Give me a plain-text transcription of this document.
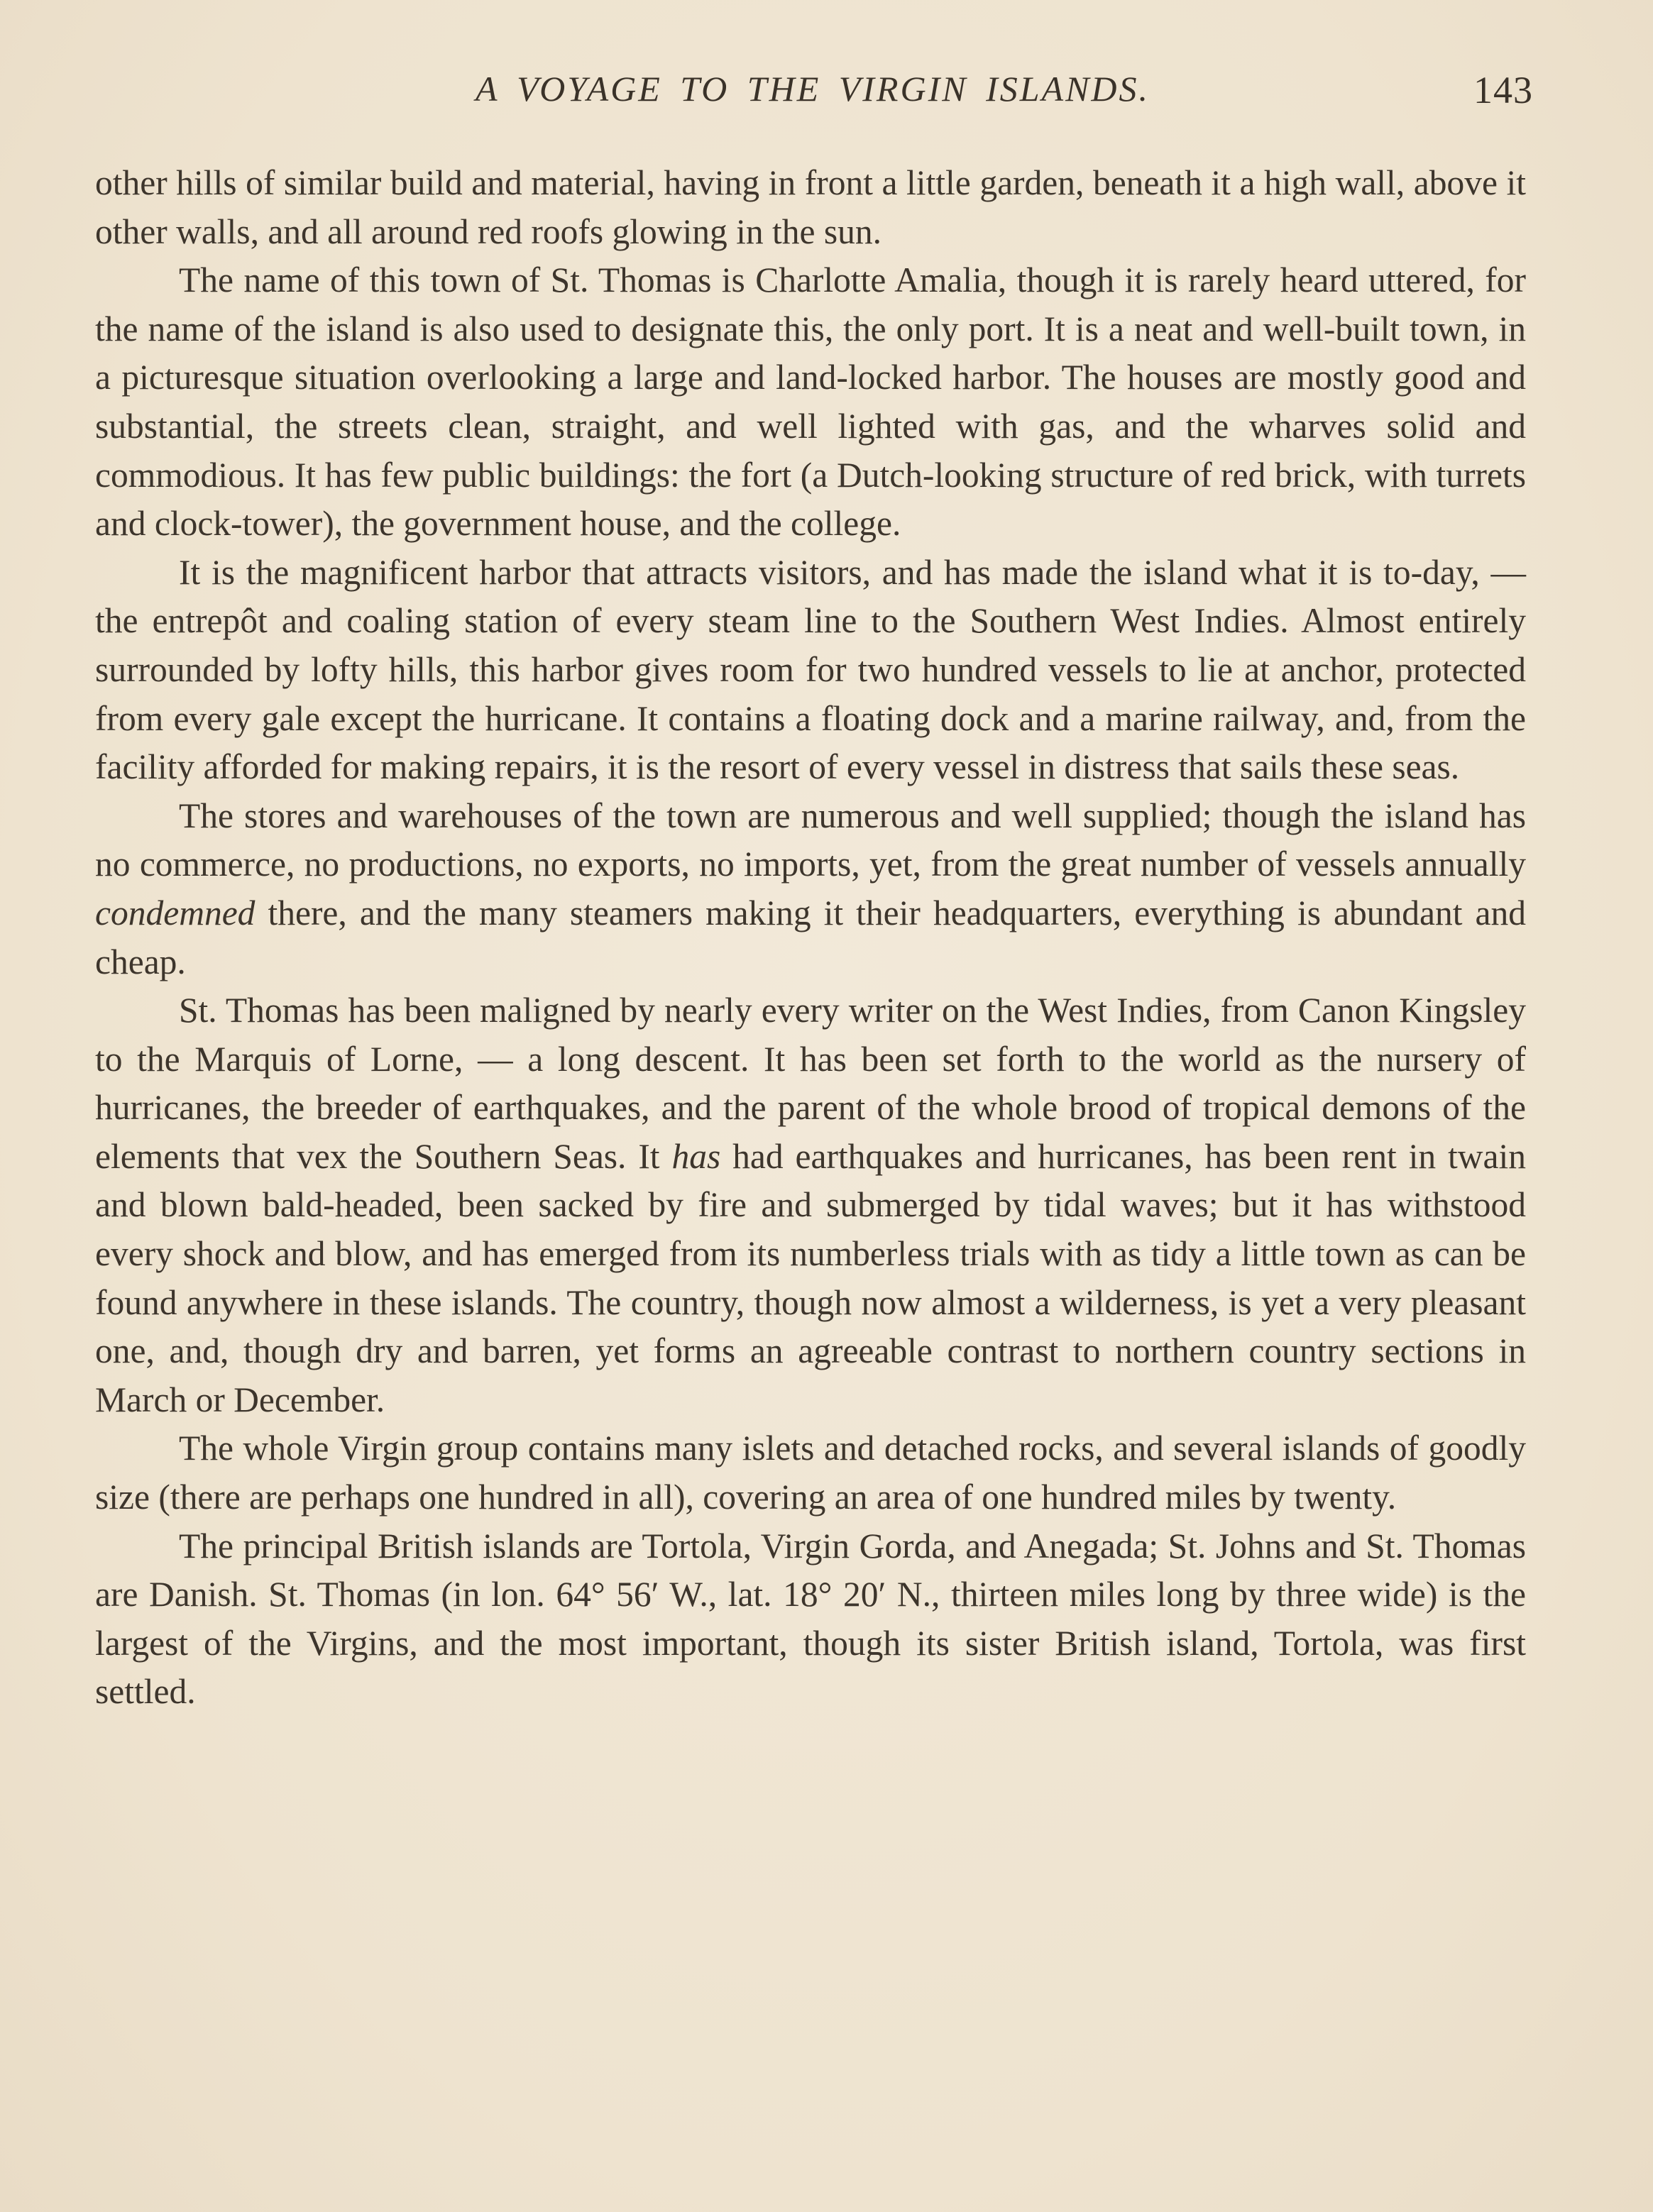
A VOYAGE TO THE VIRGIN ISLANDS.	143

other hills of similar build and material, having in front a little garden, beneath it a high wall, above it other walls, and all around red roofs glowing in the sun.

The name of this town of St. Thomas is Charlotte Amalia, though it is rarely heard uttered, for the name of the island is also used to designate this, the only port. It is a neat and well-built town, in a picturesque situation overlooking a large and land-locked harbor. The houses are mostly good and substantial, the streets clean, straight, and well lighted with gas, and the wharves solid and commodious. It has few public buildings: the fort (a Dutch-looking structure of red brick, with turrets and clock-tower), the government house, and the college.

It is the magnificent harbor that attracts visitors, and has made the island what it is to-day, — the entrepôt and coaling station of every steam line to the Southern West Indies. Almost entirely surrounded by lofty hills, this harbor gives room for two hundred vessels to lie at anchor, protected from every gale except the hurricane. It contains a floating dock and a marine railway, and, from the facility afforded for making repairs, it is the resort of every vessel in distress that sails these seas.

The stores and warehouses of the town are numerous and well supplied; though the island has no commerce, no productions, no exports, no imports, yet, from the great number of vessels annually condemned there, and the many steamers making it their headquarters, everything is abundant and cheap.

St. Thomas has been maligned by nearly every writer on the West Indies, from Canon Kingsley to the Marquis of Lorne, — a long descent. It has been set forth to the world as the nursery of hurricanes, the breeder of earthquakes, and the parent of the whole brood of tropical demons of the elements that vex the Southern Seas. It has had earthquakes and hurricanes, has been rent in twain and blown bald-headed, been sacked by fire and submerged by tidal waves; but it has withstood every shock and blow, and has emerged from its numberless trials with as tidy a little town as can be found anywhere in these islands. The country, though now almost a wilderness, is yet a very pleasant one, and, though dry and barren, yet forms an agreeable contrast to northern country sections in March or December.

The whole Virgin group contains many islets and detached rocks, and several islands of goodly size (there are perhaps one hundred in all), covering an area of one hundred miles by twenty.

The principal British islands are Tortola, Virgin Gorda, and Anegada; St. Johns and St. Thomas are Danish. St. Thomas (in lon. 64° 56′ W., lat. 18° 20′ N., thirteen miles long by three wide) is the largest of the Virgins, and the most important, though its sister British island, Tortola, was first settled.
